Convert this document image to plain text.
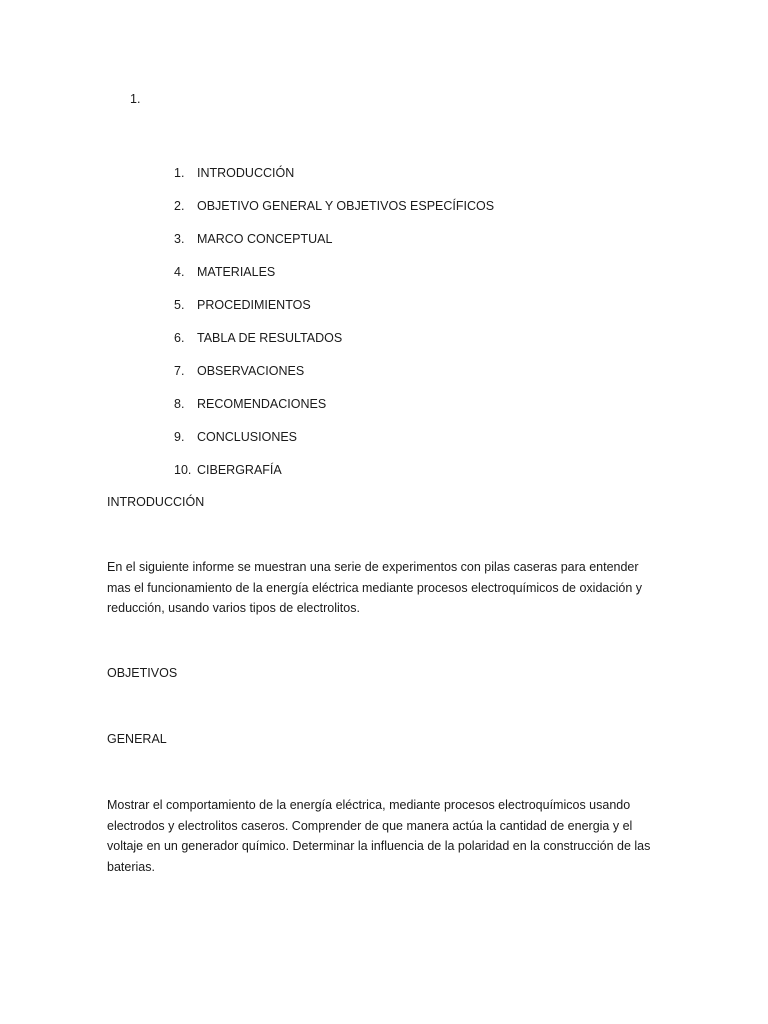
1.
1.	INTRODUCCIÓN
2.	OBJETIVO GENERAL Y OBJETIVOS ESPECÍFICOS
3.	MARCO CONCEPTUAL
4.	MATERIALES
5.	PROCEDIMIENTOS
6.	TABLA DE RESULTADOS
7.	OBSERVACIONES
8.	RECOMENDACIONES
9.	CONCLUSIONES
10. CIBERGRAFÍA
INTRODUCCIÓN
En el siguiente informe se muestran una serie de experimentos con pilas caseras para entender
mas el funcionamiento de la energía eléctrica mediante procesos electroquímicos de oxidación y
reducción, usando varios tipos de electrolitos.
OBJETIVOS
GENERAL
Mostrar el comportamiento de la energía eléctrica, mediante procesos electroquímicos usando
electrodos y electrolitos caseros. Comprender de que manera actúa la cantidad de energia y el
voltaje en un generador químico. Determinar la influencia de la polaridad en la construcción de las
baterias.
